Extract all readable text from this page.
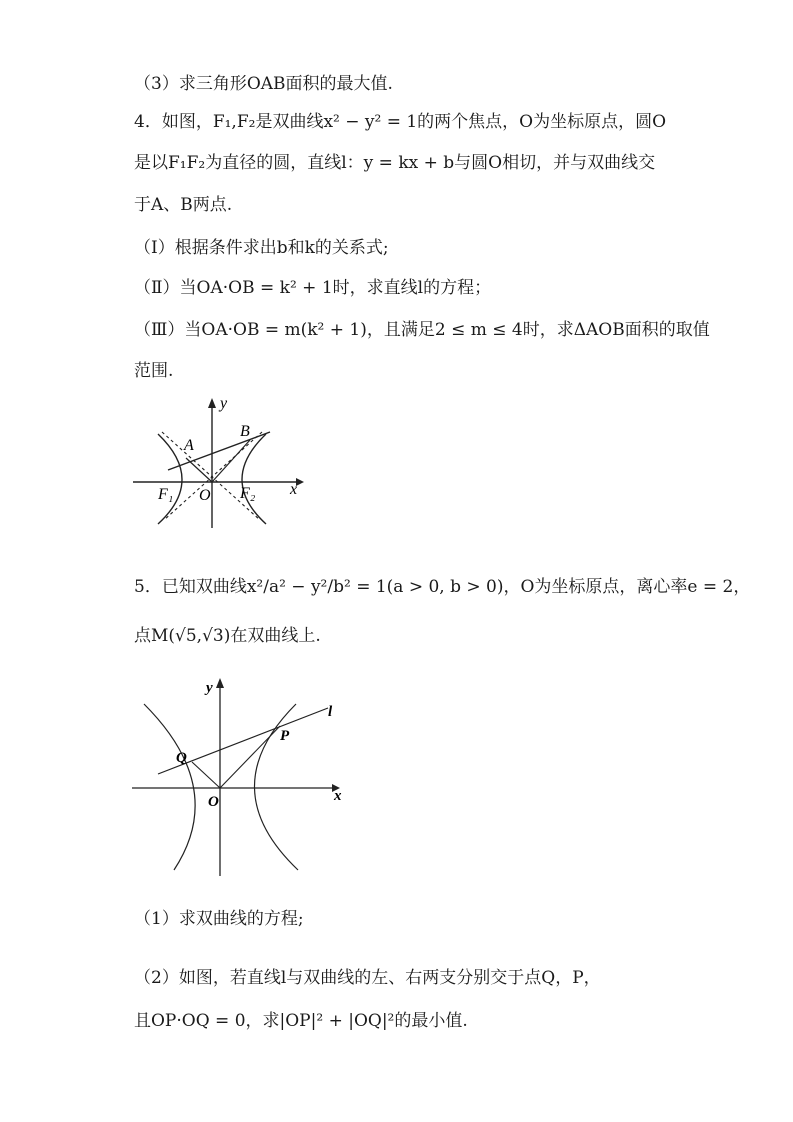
（3）求三角形OAB面积的最大值.
4．如图，F₁,F₂是双曲线x² − y² = 1的两个焦点，O为坐标原点，圆O
是以F₁F₂为直径的圆，直线l：y = kx + b与圆O相切，并与双曲线交
于A、B两点.
（Ⅰ）根据条件求出b和k的关系式;
（Ⅱ）当OA·OB = k² + 1时，求直线l的方程；
（Ⅲ）当OA·OB = m(k² + 1)，且满足2 ≤ m ≤ 4时，求ΔAOB面积的取值
范围.
y
x
A
B
O
F₁	F₂
5．已知双曲线x²/a² − y²/b² = 1(a > 0, b > 0)，O为坐标原点，离心率e = 2，
点M(√5,√3)在双曲线上.
y
x
l
P
Q
O
（1）求双曲线的方程;
（2）如图，若直线l与双曲线的左、右两支分别交于点Q，P，
且OP·OQ = 0，求|OP|² + |OQ|²的最小值.
